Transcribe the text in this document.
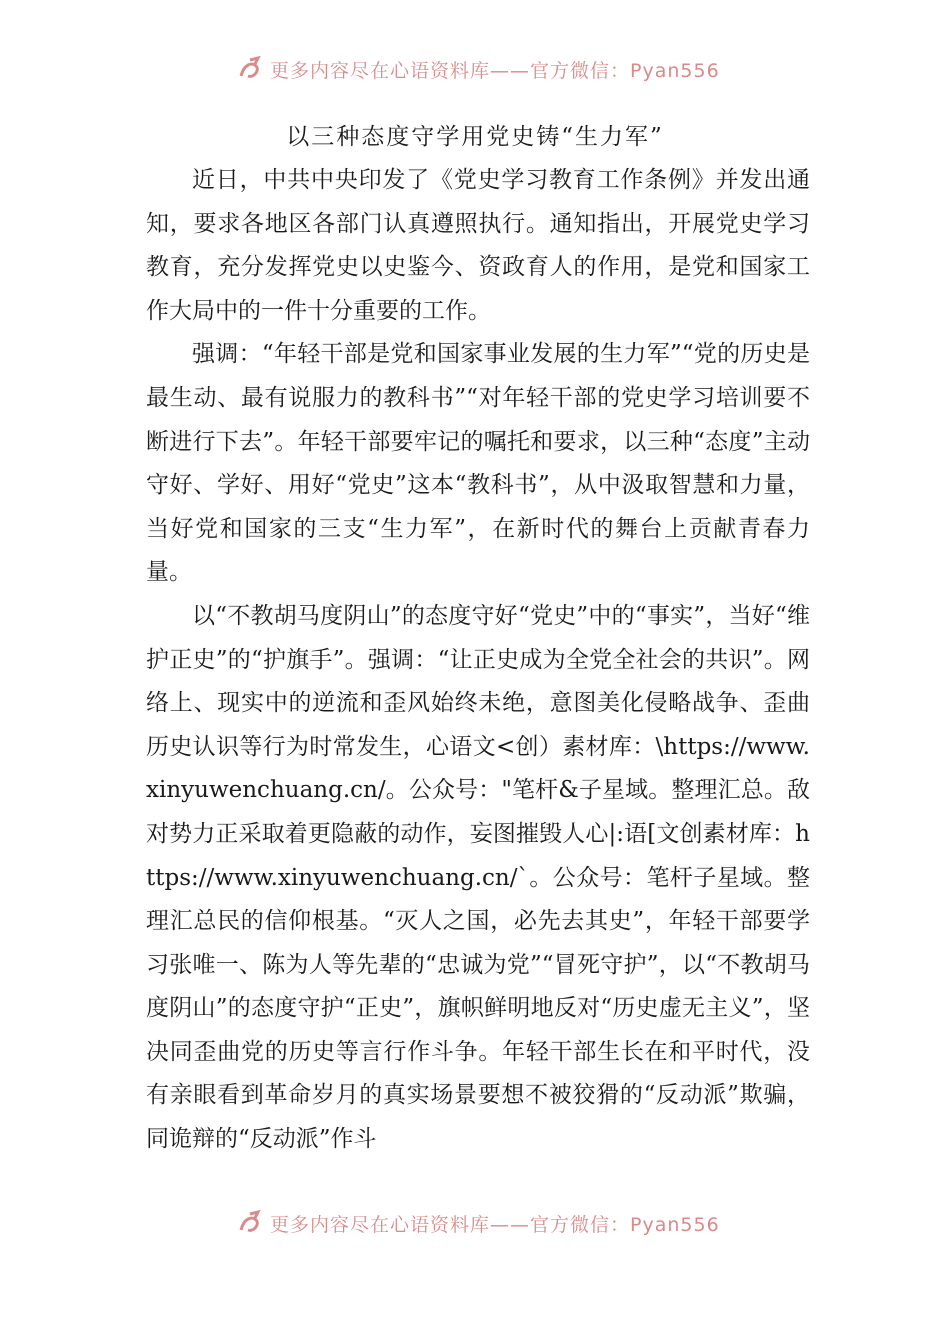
更多内容尽在心语资料库——官方微信：Pyan556
以三种态度守学用党史铸“生力军”

近日，中共中央印发了《党史学习教育工作条例》并发出通知，要求各地区各部门认真遵照执行。通知指出，开展党史学习教育，充分发挥党史以史鉴今、资政育人的作用，是党和国家工作大局中的一件十分重要的工作。

强调：“年轻干部是党和国家事业发展的生力军”“党的历史是最生动、最有说服力的教科书”“对年轻干部的党史学习培训要不断进行下去”。年轻干部要牢记的嘱托和要求，以三种“态度”主动守好、学好、用好“党史”这本“教科书”，从中汲取智慧和力量，当好党和国家的三支“生力军”，在新时代的舞台上贡献青春力量。

以“不教胡马度阴山”的态度守好“党史”中的“事实”，当好“维护正史”的“护旗手”。强调：“让正史成为全党全社会的共识”。网络上、现实中的逆流和歪风始终未绝，意图美化侵略战争、歪曲历史认识等行为时常发生，心语文<创）素材库：\https://www.xinyuwenchuang.cn/。公众号："笔杆&子星域。整理汇总。敌对势力正采取着更隐蔽的动作，妄图摧毁人心|:语[文创素材库：https://www.xinyuwenchuang.cn/`。公众号：笔杆子星域。整理汇总民的信仰根基。“灭人之国，必先去其史”，年轻干部要学习张唯一、陈为人等先辈的“忠诚为党”“冒死守护”，以“不教胡马度阴山”的态度守护“正史”，旗帜鲜明地反对“历史虚无主义”，坚决同歪曲党的历史等言行作斗争。年轻干部生长在和平时代，没有亲眼看到革命岁月的真实场景要想不被狡猾的“反动派”欺骗，同诡辩的“反动派”作斗

更多内容尽在心语资料库——官方微信：Pyan556
